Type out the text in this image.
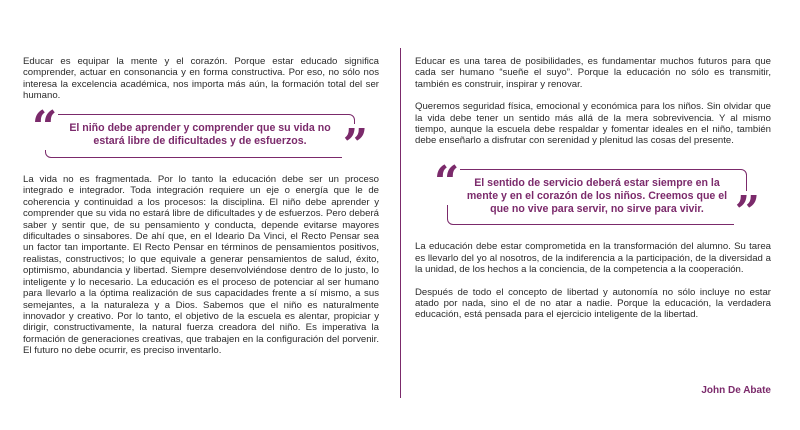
Educar es equipar la mente y el corazón. Porque estar educado significa comprender, actuar en consonancia y en forma constructiva. Por eso, no sólo nos interesa la excelencia académica, nos importa más aún, la formación total del ser humano.

El niño debe aprender y comprender que su vida no estará libre de dificultades y de esfuerzos.
“	”

La vida no es fragmentada. Por lo tanto la educación debe ser un proceso integrado e integrador. Toda integración requiere un eje o energía que le de coherencia y continuidad a los procesos: la disciplina. El niño debe aprender y comprender que su vida no estará libre de dificultades y de esfuerzos. Pero deberá saber y sentir que, de su pensamiento y conducta, depende evitarse mayores dificultades o sinsabores. De ahí que, en el Ideario Da Vinci, el Recto Pensar sea un factor tan importante. El Recto Pensar en términos de pensamientos positivos, realistas, constructivos; lo que equivale a generar pensamientos de salud, éxito, optimismo, abundancia y libertad. Siempre desenvolviéndose dentro de lo justo, lo inteligente y lo necesario. La educación es el proceso de potenciar al ser humano para llevarlo a la óptima realización de sus capacidades frente a sí mismo, a sus semejantes, a la naturaleza y a Dios. Sabemos que el niño es naturalmente innovador y creativo. Por lo tanto, el objetivo de la escuela es alentar, propiciar y dirigir, constructivamente, la natural fuerza creadora del niño. Es imperativa la formación de generaciones creativas, que trabajen en la configuración del porvenir. El futuro no debe ocurrir, es preciso inventarlo.

Educar es una tarea de posibilidades, es fundamentar muchos futuros para que cada ser humano “sueñe el suyo”. Porque la educación no sólo es transmitir, también es construir, inspirar y renovar.

Queremos seguridad física, emocional y económica para los niños. Sin olvidar que la vida debe tener un sentido más allá de la mera sobrevivencia. Y al mismo tiempo, aunque la escuela debe respaldar y fomentar ideales en el niño, también debe enseñarlo a disfrutar con serenidad y plenitud las cosas del presente.

El sentido de servicio deberá estar siempre en la mente y en el corazón de los niños. Creemos que el que no vive para servir, no sirve para vivir.
“
”

La educación debe estar comprometida en la transformación del alumno. Su tarea es llevarlo del yo al nosotros, de la indiferencia a la participación, de la diversidad a la unidad, de los hechos a la conciencia, de la competencia a la cooperación.

Después de todo el concepto de libertad y autonomía no sólo incluye no estar atado por nada, sino el de no atar a nadie. Porque la educación, la verdadera educación, está pensada para el ejercicio inteligente de la libertad.

John De Abate
